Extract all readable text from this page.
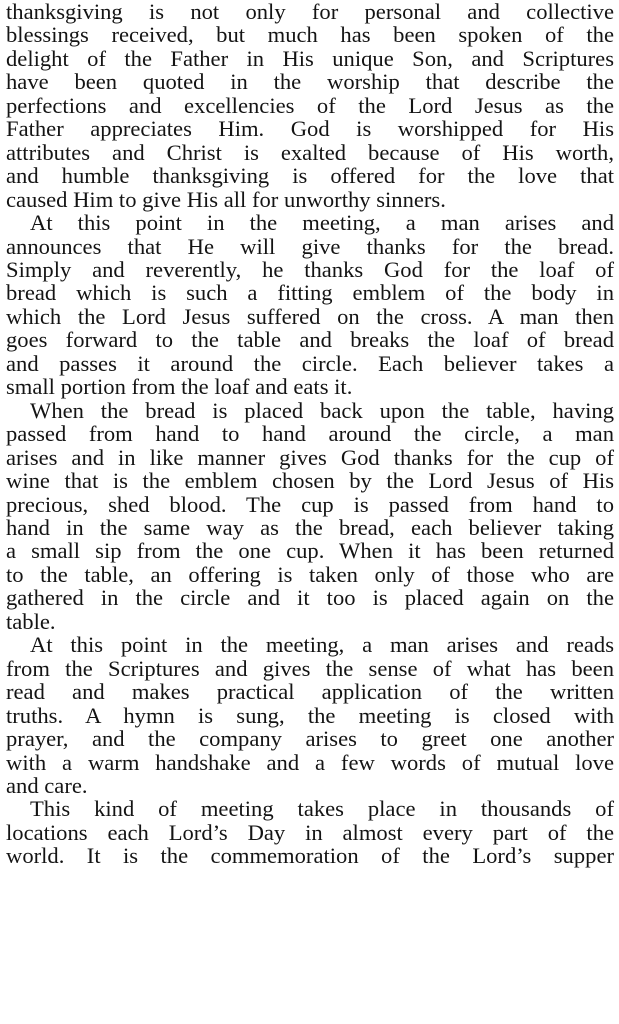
thanksgiving is not only for personal and collective
blessings received, but much has been spoken of the
delight of the Father in His unique Son, and Scriptures
have been quoted in the worship that describe the
perfections and excellencies of the Lord Jesus as the
Father appreciates Him. God is worshipped for His
attributes and Christ is exalted because of His worth,
and humble thanksgiving is offered for the love that
caused Him to give His all for unworthy sinners.
At this point in the meeting, a man arises and
announces that He will give thanks for the bread.
Simply and reverently, he thanks God for the loaf of
bread which is such a fitting emblem of the body in
which the Lord Jesus suffered on the cross. A man then
goes forward to the table and breaks the loaf of bread
and passes it around the circle. Each believer takes a
small portion from the loaf and eats it.
When the bread is placed back upon the table, having
passed from hand to hand around the circle, a man
arises and in like manner gives God thanks for the cup of
wine that is the emblem chosen by the Lord Jesus of His
precious, shed blood. The cup is passed from hand to
hand in the same way as the bread, each believer taking
a small sip from the one cup. When it has been returned
to the table, an offering is taken only of those who are
gathered in the circle and it too is placed again on the
table.
At this point in the meeting, a man arises and reads
from the Scriptures and gives the sense of what has been
read and makes practical application of the written
truths. A hymn is sung, the meeting is closed with
prayer, and the company arises to greet one another
with a warm handshake and a few words of mutual love
and care.
This kind of meeting takes place in thousands of
locations each Lord’s Day in almost every part of the
world. It is the commemoration of the Lord’s supper
